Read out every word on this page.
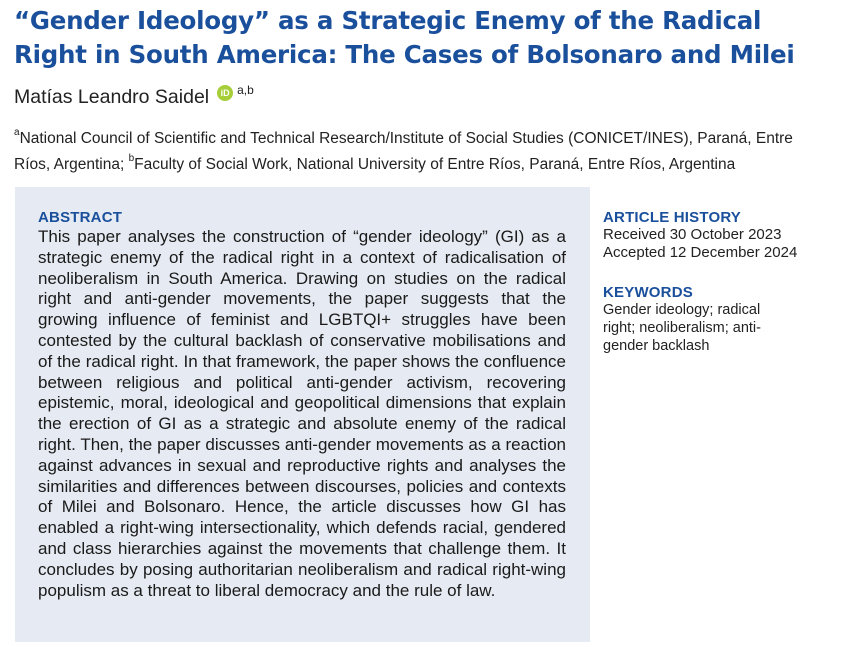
“Gender Ideology” as a Strategic Enemy of the Radical Right in South America: The Cases of Bolsonaro and Milei
Matías Leandro Saidel	iD $^{a,b}$
$^a$National Council of Scientific and Technical Research/Institute of Social Studies (CONICET/INES), Paraná, Entre Ríos, Argentina; $^b$Faculty of Social Work, National University of Entre Ríos, Paraná, Entre Ríos, Argentina
ABSTRACT

This paper analyses the construction of “gender ideology” (GI) as a strategic enemy of the radical right in a context of radicalisation of neoliberalism in South America. Drawing on studies on the radical right and anti-gender movements, the paper suggests that the growing influence of feminist and LGBTQI+ struggles have been contested by the cultural backlash of conservative mobilisations and of the radical right. In that framework, the paper shows the confluence between religious and political anti-gender activism, recovering epistemic, moral, ideological and geopolitical dimensions that explain the erection of GI as a strategic and absolute enemy of the radical right. Then, the paper discusses anti-gender movements as a reaction against advances in sexual and reproductive rights and analyses the similarities and differences between discourses, policies and contexts of Milei and Bolsonaro. Hence, the article discusses how GI has enabled a right-wing intersectionality, which defends racial, gendered and class hierarchies against the movements that challenge them. It concludes by posing authoritarian neoliberalism and radical right-wing populism as a threat to liberal democracy and the rule of law.

ARTICLE HISTORY
Received 30 October 2023
Accepted 12 December 2024
KEYWORDS
Gender ideology; radical right; neoliberalism; anti-gender backlash
